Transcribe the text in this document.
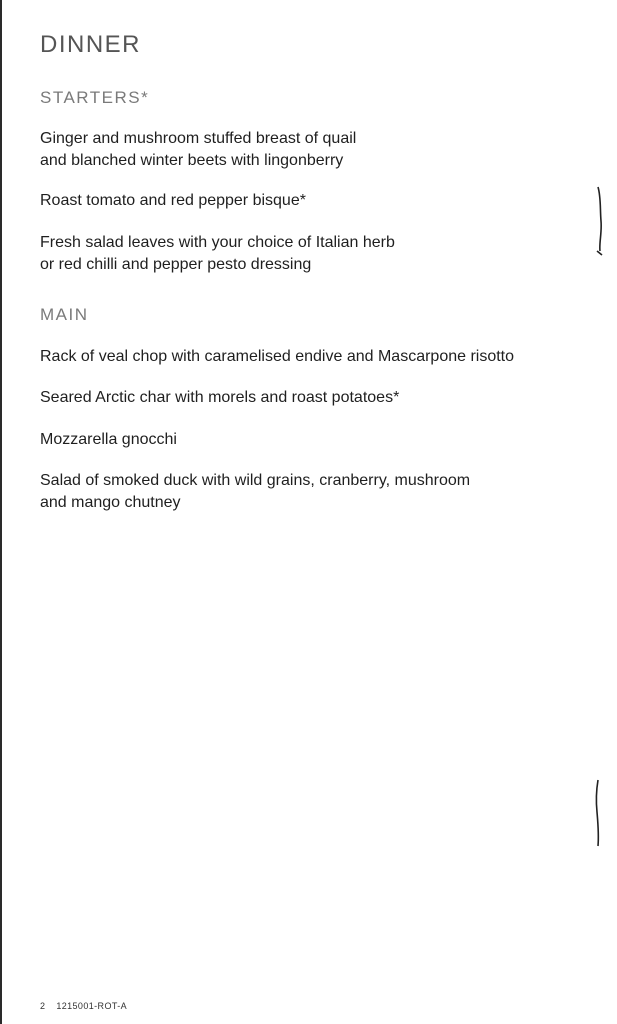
DINNER
STARTERS*
Ginger and mushroom stuffed breast of quail
and blanched winter beets with lingonberry
Roast tomato and red pepper bisque*
Fresh salad leaves with your choice of Italian herb
or red chilli and pepper pesto dressing
MAIN
Rack of veal chop with caramelised endive and Mascarpone risotto
Seared Arctic char with morels and roast potatoes*
Mozzarella gnocchi
Salad of smoked duck with wild grains, cranberry, mushroom
and mango chutney
2 1215001-ROT-A
